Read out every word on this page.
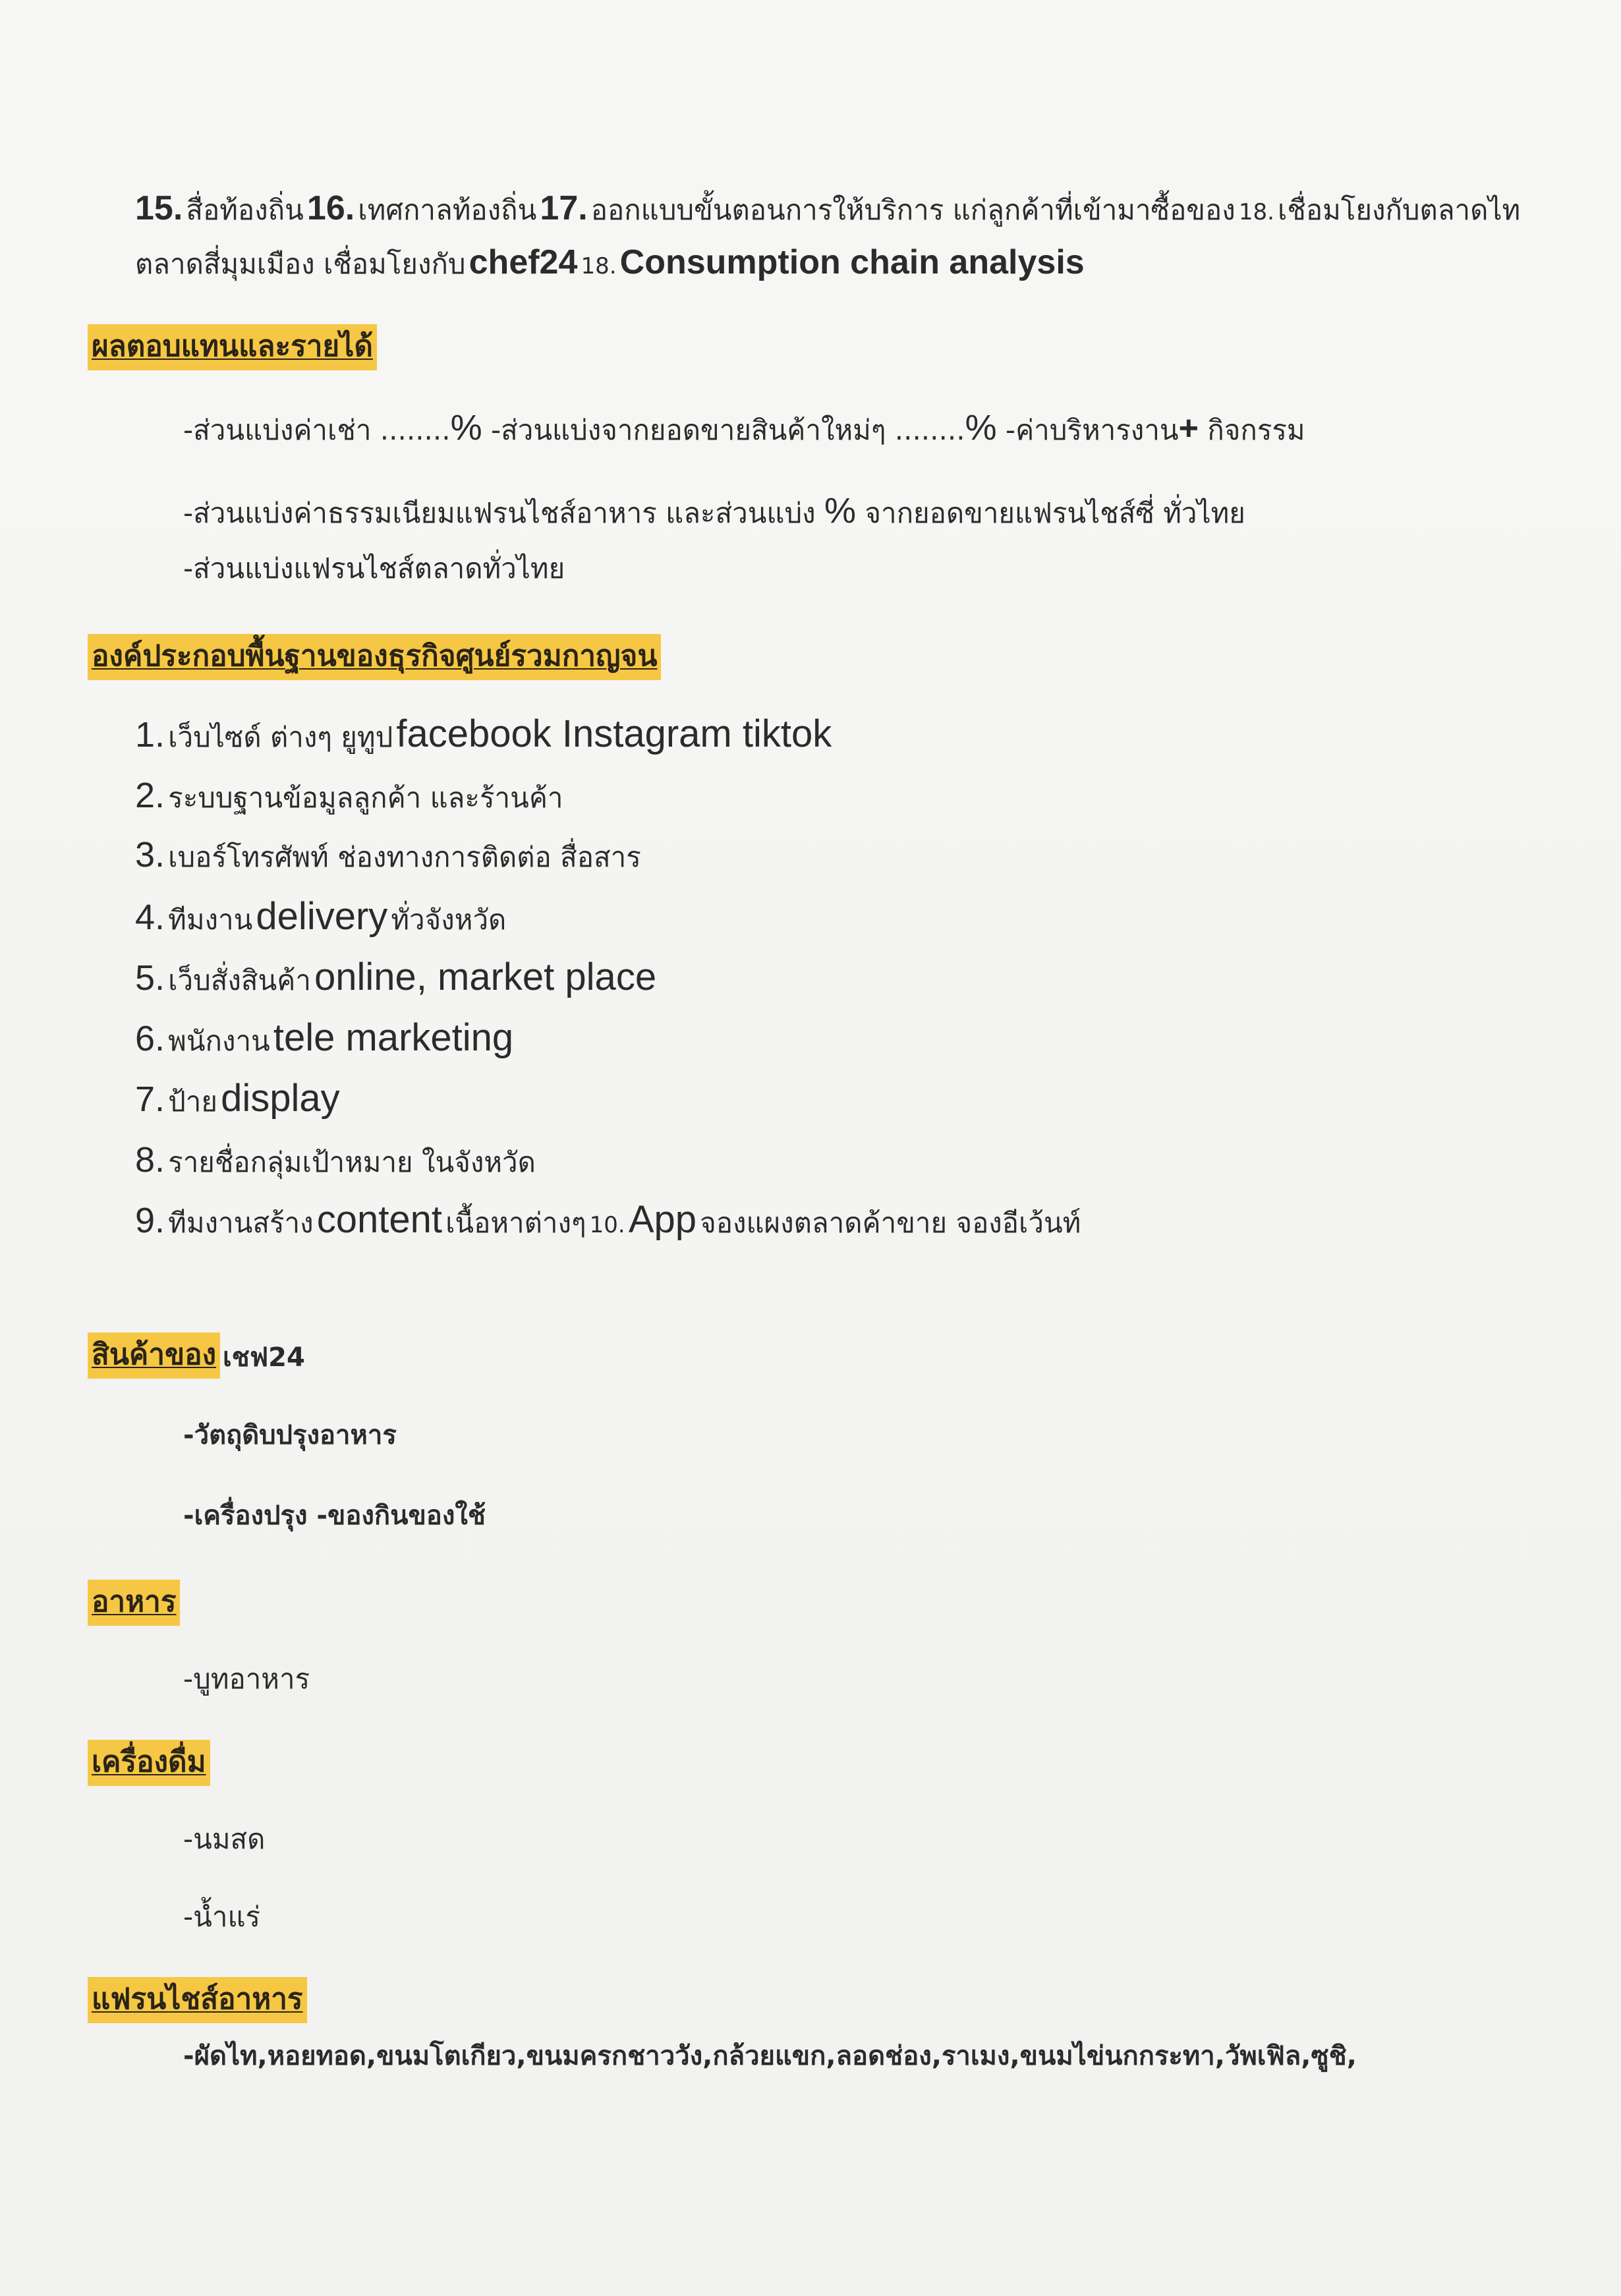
15. สื่อท้องถิ่น 16. เทศกาลท้องถิ่น 17. ออกแบบขั้นตอนการให้บริการ แก่ลูกค้าที่เข้ามาซื้อของ 18. เชื่อมโยงกับตลาดไท
ตลาดสี่มุมเมือง เชื่อมโยงกับ chef24 18. Consumption chain analysis
ผลตอบแทนและรายได้
-ส่วนแบ่งค่าเช่า ........% -ส่วนแบ่งจากยอดขายสินค้าใหม่ๆ ........% -ค่าบริหารงาน+ กิจกรรม
-ส่วนแบ่งค่าธรรมเนียมแฟรนไชส์อาหาร และส่วนแบ่ง % จากยอดขายแฟรนไชส์ซี่ ทั่วไทย
-ส่วนแบ่งแฟรนไชส์ตลาดทั่วไทย
องค์ประกอบพื้นฐานของธุรกิจศูนย์รวมกาญจน
1. เว็บไซด์ ต่างๆ ยูทูป facebook Instagram tiktok
2. ระบบฐานข้อมูลลูกค้า และร้านค้า
3. เบอร์โทรศัพท์ ช่องทางการติดต่อ สื่อสาร
4. ทีมงาน delivery ทั่วจังหวัด
5. เว็บสั่งสินค้า online, market place
6. พนักงาน tele marketing
7. ป้าย display
8. รายชื่อกลุ่มเป้าหมาย ในจังหวัด
9. ทีมงานสร้าง content เนื้อหาต่างๆ 10. App จองแผงตลาดค้าขาย จองอีเว้นท์
สินค้าของ เชฟ24
-วัตถุดิบปรุงอาหาร
-เครื่องปรุง -ของกินของใช้
อาหาร
-บูทอาหาร
เครื่องดื่ม
-นมสด
-น้ำแร่
แฟรนไชส์อาหาร
-ผัดไท,หอยทอด,ขนมโตเกียว,ขนมครกชาววัง,กล้วยแขก,ลอดช่อง,ราเมง,ขนมไข่นกกระทา,วัพเฟิล,ซูชิ,
